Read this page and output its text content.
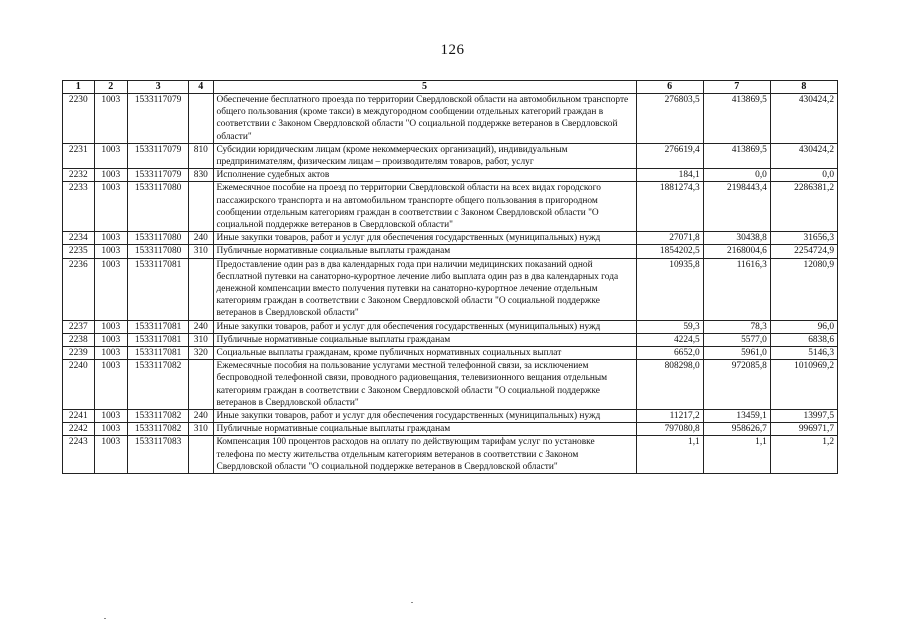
126
1	2	3	4	5	6	7	8
2230	1003	1533117079		Обеспечение бесплатного проезда по территории Свердловской области на автомобильном транспорте общего пользования (кроме такси) в междугородном сообщении отдельных категорий граждан в соответствии с Законом Свердловской области "О социальной поддержке ветеранов в Свердловской области"	276803,5	413869,5	430424,2
2231	1003	1533117079	810	Субсидии юридическим лицам (кроме некоммерческих организаций), индивидуальным предпринимателям, физическим лицам – производителям товаров, работ, услуг	276619,4	413869,5	430424,2
2232	1003	1533117079	830	Исполнение судебных актов	184,1	0,0	0,0
2233	1003	1533117080		Ежемесячное пособие на проезд по территории Свердловской области на всех видах городского пассажирского транспорта и на автомобильном транспорте общего пользования в пригородном сообщении отдельным категориям граждан в соответствии с Законом Свердловской области "О социальной поддержке ветеранов в Свердловской области"	1881274,3	2198443,4	2286381,2
2234	1003	1533117080	240	Иные закупки товаров, работ и услуг для обеспечения государственных (муниципальных) нужд	27071,8	30438,8	31656,3
2235	1003	1533117080	310	Публичные нормативные социальные выплаты гражданам	1854202,5	2168004,6	2254724,9
2236	1003	1533117081		Предоставление один раз в два календарных года при наличии медицинских показаний одной бесплатной путевки на санаторно-курортное лечение либо выплата один раз в два календарных года денежной компенсации вместо получения путевки на санаторно-курортное лечение отдельным категориям граждан в соответствии с Законом Свердловской области "О социальной поддержке ветеранов в Свердловской области"	10935,8	11616,3	12080,9
2237	1003	1533117081	240	Иные закупки товаров, работ и услуг для обеспечения государственных (муниципальных) нужд	59,3	78,3	96,0
2238	1003	1533117081	310	Публичные нормативные социальные выплаты гражданам	4224,5	5577,0	6838,6
2239	1003	1533117081	320	Социальные выплаты гражданам, кроме публичных нормативных социальных выплат	6652,0	5961,0	5146,3
2240	1003	1533117082		Ежемесячные пособия на пользование услугами местной телефонной связи, за исключением беспроводной телефонной связи, проводного радиовещания, телевизионного вещания отдельным категориям граждан в соответствии с Законом Свердловской области "О социальной поддержке ветеранов в Свердловской области"	808298,0	972085,8	1010969,2
2241	1003	1533117082	240	Иные закупки товаров, работ и услуг для обеспечения государственных (муниципальных) нужд	11217,2	13459,1	13997,5
2242	1003	1533117082	310	Публичные нормативные социальные выплаты гражданам	797080,8	958626,7	996971,7
2243	1003	1533117083		Компенсация 100 процентов расходов на оплату по действующим тарифам услуг по установке телефона по месту жительства отдельным категориям ветеранов в соответствии с Законом Свердловской области "О социальной поддержке ветеранов в Свердловской области"	1,1	1,1	1,2
